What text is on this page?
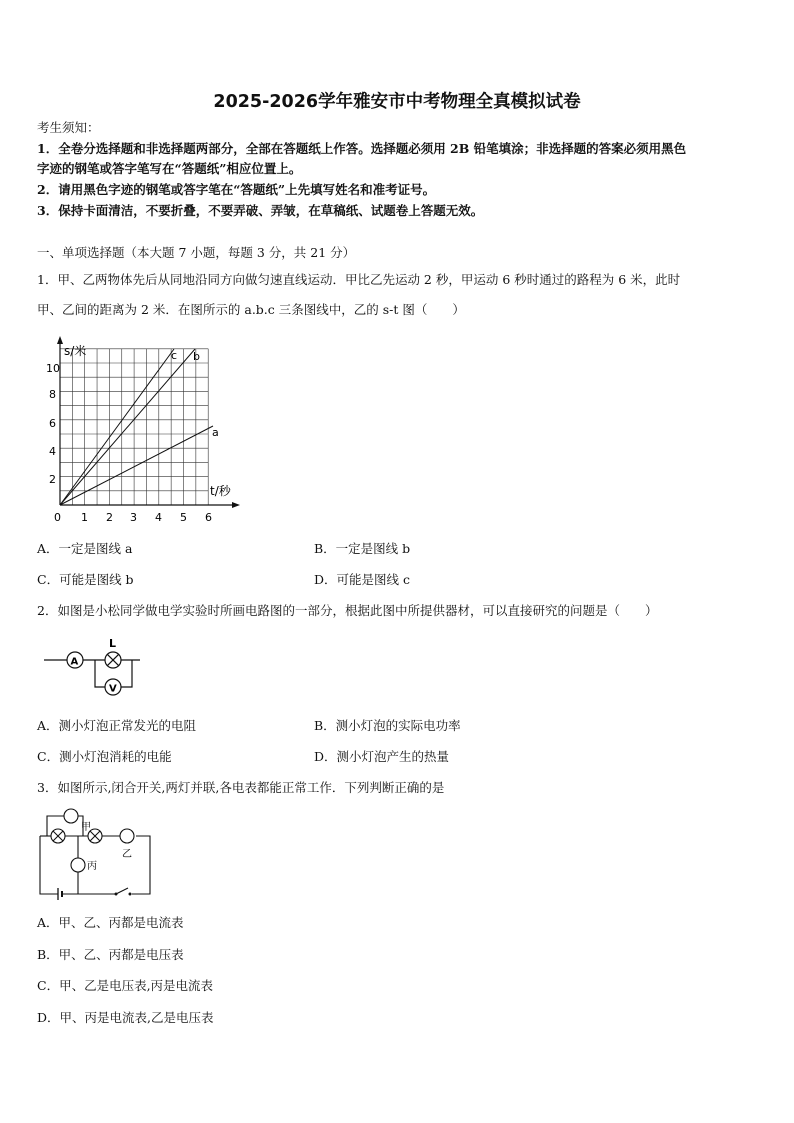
2025-2026学年雅安市中考物理全真模拟试卷
考生须知：
1．全卷分选择题和非选择题两部分，全部在答题纸上作答。选择题必须用 2B 铅笔填涂；非选择题的答案必须用黑色
字迹的钢笔或答字笔写在“答题纸”相应位置上。
2．请用黑色字迹的钢笔或答字笔在“答题纸”上先填写姓名和准考证号。
3．保持卡面清洁，不要折叠，不要弄破、弄皱，在草稿纸、试题卷上答题无效。
一、单项选择题（本大题 7 小题，每题 3 分，共 21 分）
1．甲、乙两物体先后从同地沿同方向做匀速直线运动．甲比乙先运动 2 秒，甲运动 6 秒时通过的路程为 6 米，此时
甲、乙间的距离为 2 米．在图所示的 a.b.c 三条图线中，乙的 s-t 图（　　）
s/米
t/秒
10
8
6
4
2
0 1 2 3 4 5 6
c b
a
A．一定是图线 a	B．一定是图线 b
C．可能是图线 b	D．可能是图线 c
2．如图是小松同学做电学实验时所画电路图的一部分，根据此图中所提供器材，可以直接研究的问题是（　　）
A
L
V
A．测小灯泡正常发光的电阻	B．测小灯泡的实际电功率
C．测小灯泡消耗的电能	D．测小灯泡产生的热量
3．如图所示,闭合开关,两灯并联,各电表都能正常工作．下列判断正确的是
乙
甲
丙
A．甲、乙、丙都是电流表
B．甲、乙、丙都是电压表
C．甲、乙是电压表,丙是电流表
D．甲、丙是电流表,乙是电压表
